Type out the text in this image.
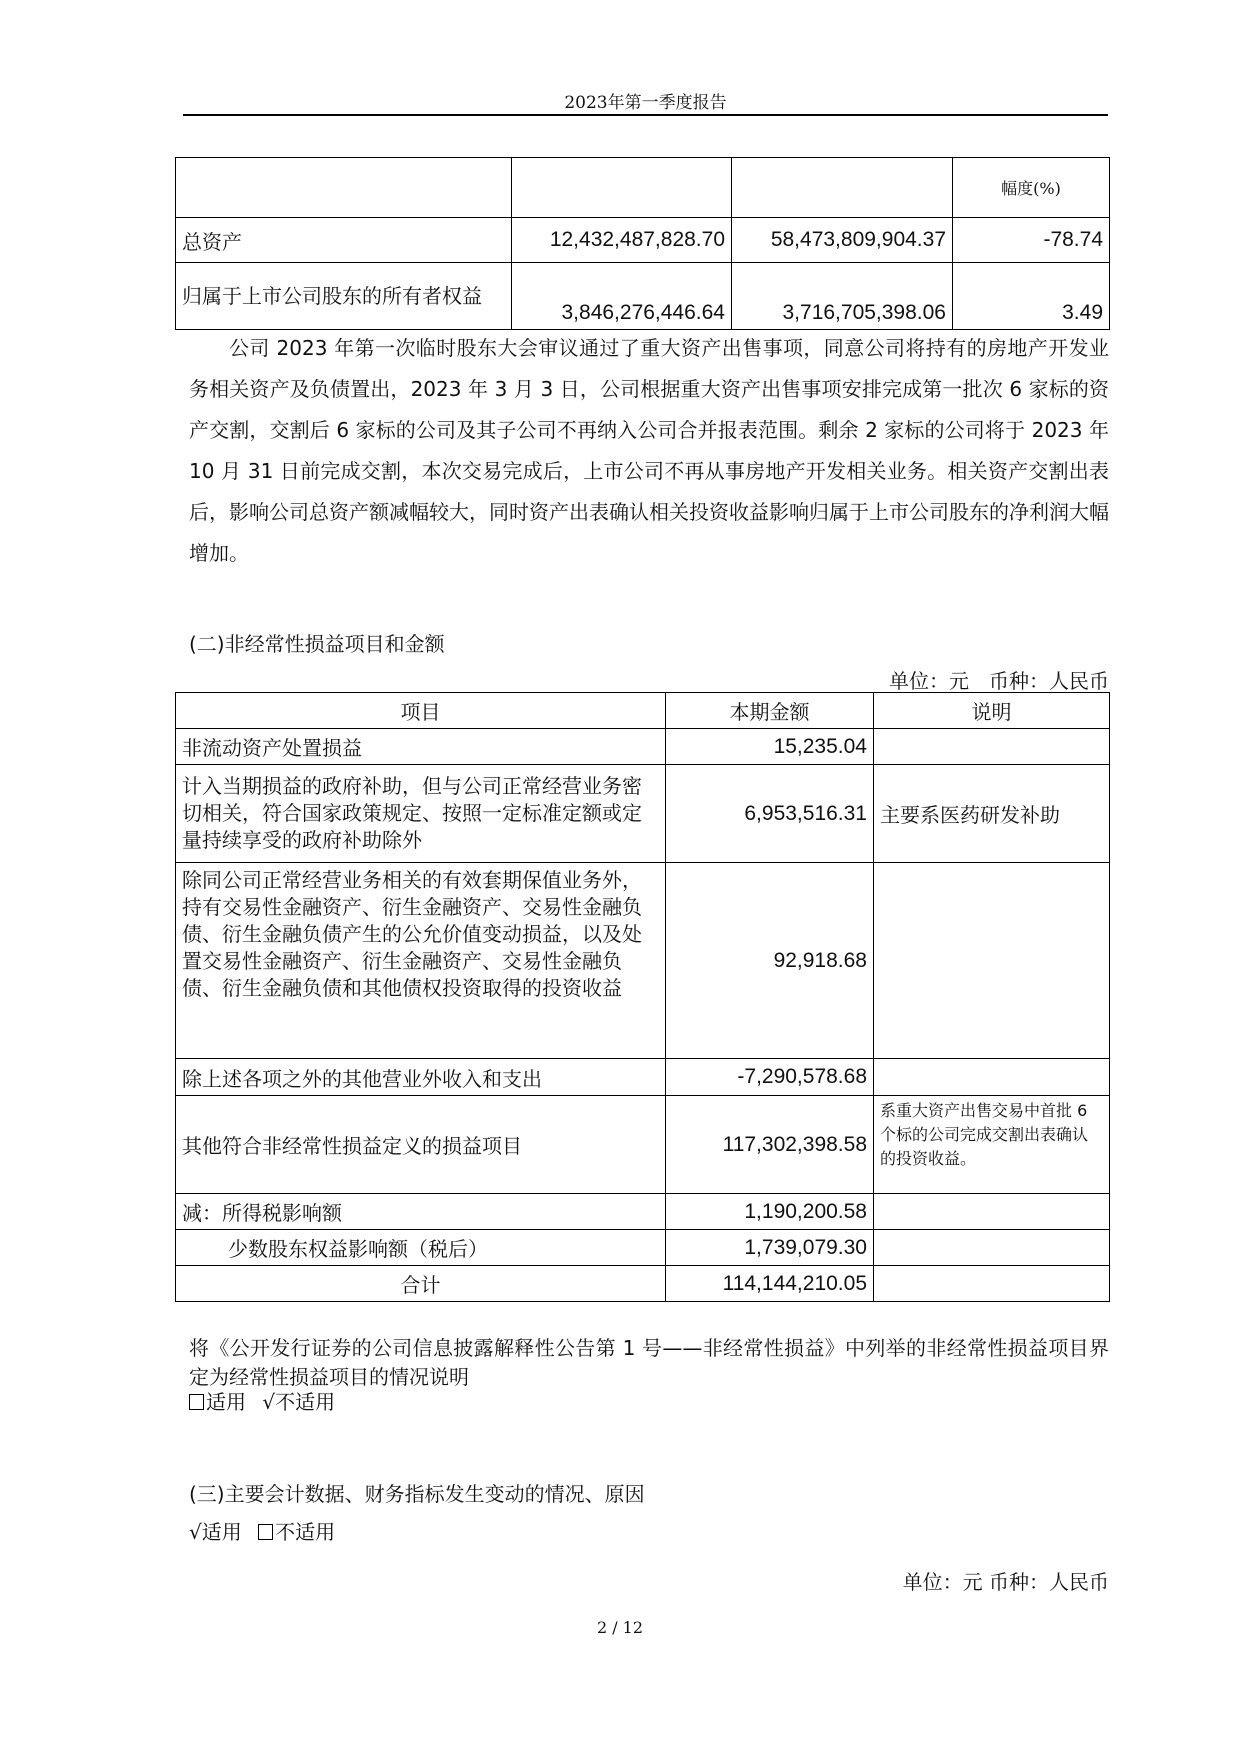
2023年第一季度报告
			幅度(%)
总资产	12,432,487,828.70	58,473,809,904.37	-78.74
归属于上市公司股东的所有者权益	3,846,276,446.64	3,716,705,398.06	3.49

公司 2023 年第一次临时股东大会审议通过了重大资产出售事项，同意公司将持有的房地产开发业务相关资产及负债置出，2023 年 3 月 3 日，公司根据重大资产出售事项安排完成第一批次 6 家标的资产交割，交割后 6 家标的公司及其子公司不再纳入公司合并报表范围。剩余 2 家标的公司将于 2023 年 10 月 31 日前完成交割，本次交易完成后，上市公司不再从事房地产开发相关业务。相关资产交割出表后，影响公司总资产额减幅较大，同时资产出表确认相关投资收益影响归属于上市公司股东的净利润大幅增加。

(二)非经常性损益项目和金额
单位：元　币种：人民币
项目	本期金额	说明
非流动资产处置损益	15,235.04	
计入当期损益的政府补助，但与公司正常经营业务密切相关，符合国家政策规定、按照一定标准定额或定量持续享受的政府补助除外	6,953,516.31	主要系医药研发补助
除同公司正常经营业务相关的有效套期保值业务外，持有交易性金融资产、衍生金融资产、交易性金融负债、衍生金融负债产生的公允价值变动损益，以及处置交易性金融资产、衍生金融资产、交易性金融负债、衍生金融负债和其他债权投资取得的投资收益	92,918.68	
除上述各项之外的其他营业外收入和支出	-7,290,578.68	
其他符合非经常性损益定义的损益项目	117,302,398.58	系重大资产出售交易中首批 6 个标的公司完成交割出表确认的投资收益。
减：所得税影响额	1,190,200.58	
少数股东权益影响额（税后）	1,739,079.30	
合计	114,144,210.05	
将《公开发行证券的公司信息披露解释性公告第 1 号——非经常性损益》中列举的非经常性损益项目界定为经常性损益项目的情况说明
适用 √不适用
(三)主要会计数据、财务指标发生变动的情况、原因
√适用 不适用
单位：元 币种：人民币
2 / 12
